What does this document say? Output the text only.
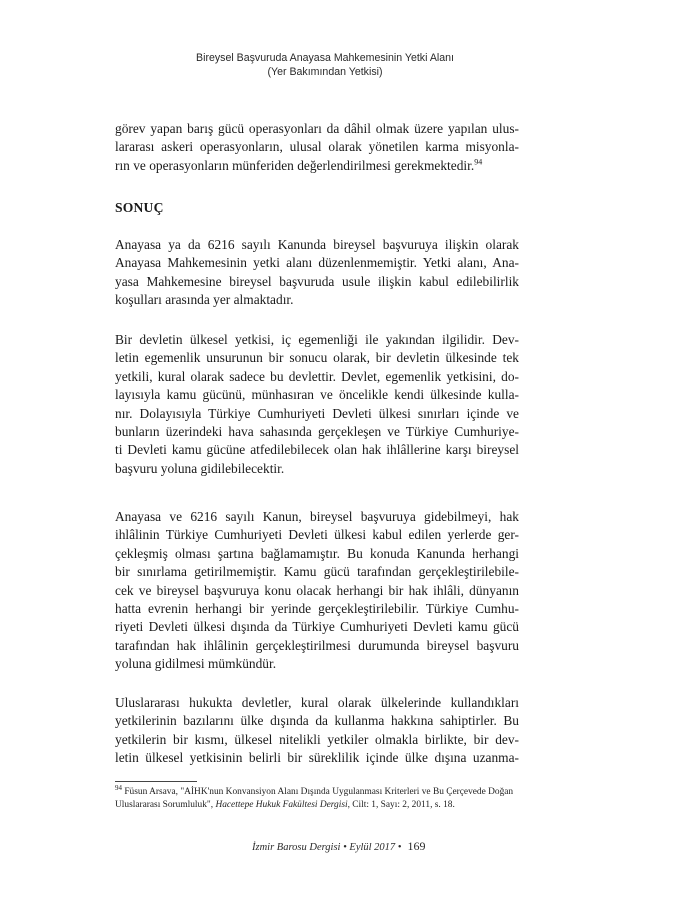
Bireysel Başvuruda Anayasa Mahkemesinin Yetki Alanı
(Yer Bakımından Yetkisi)
görev yapan barış gücü operasyonları da dâhil olmak üzere yapılan ulus-
lararası askeri operasyonların, ulusal olarak yönetilen karma misyonla-
rın ve operasyonların münferiden değerlendirilmesi gerekmektedir.$^{94}$
SONUÇ
Anayasa ya da 6216 sayılı Kanunda bireysel başvuruya ilişkin olarak
Anayasa Mahkemesinin yetki alanı düzenlenmemiştir. Yetki alanı, Ana-
yasa Mahkemesine bireysel başvuruda usule ilişkin kabul edilebilirlik
koşulları arasında yer almaktadır.
Bir devletin ülkesel yetkisi, iç egemenliği ile yakından ilgilidir. Dev-
letin egemenlik unsurunun bir sonucu olarak, bir devletin ülkesinde tek
yetkili, kural olarak sadece bu devlettir. Devlet, egemenlik yetkisini, do-
layısıyla kamu gücünü, münhasıran ve öncelikle kendi ülkesinde kulla-
nır. Dolayısıyla Türkiye Cumhuriyeti Devleti ülkesi sınırları içinde ve
bunların üzerindeki hava sahasında gerçekleşen ve Türkiye Cumhuriye-
ti Devleti kamu gücüne atfedilebilecek olan hak ihlâllerine karşı bireysel
başvuru yoluna gidilebilecektir.
Anayasa ve 6216 sayılı Kanun, bireysel başvuruya gidebilmeyi, hak
ihlâlinin Türkiye Cumhuriyeti Devleti ülkesi kabul edilen yerlerde ger-
çekleşmiş olması şartına bağlamamıştır. Bu konuda Kanunda herhangi
bir sınırlama getirilmemiştir. Kamu gücü tarafından gerçekleştirilebile-
cek ve bireysel başvuruya konu olacak herhangi bir hak ihlâli, dünyanın
hatta evrenin herhangi bir yerinde gerçekleştirilebilir. Türkiye Cumhu-
riyeti Devleti ülkesi dışında da Türkiye Cumhuriyeti Devleti kamu gücü
tarafından hak ihlâlinin gerçekleştirilmesi durumunda bireysel başvuru
yoluna gidilmesi mümkündür.
Uluslararası hukukta devletler, kural olarak ülkelerinde kullandıkları
yetkilerinin bazılarını ülke dışında da kullanma hakkına sahiptirler. Bu
yetkilerin bir kısmı, ülkesel nitelikli yetkiler olmakla birlikte, bir dev-
letin ülkesel yetkisinin belirli bir süreklilik içinde ülke dışına uzanma-
$^{94}$ Füsun Arsava, "AİHK'nun Konvansiyon Alanı Dışında Uygulanması Kriterleri ve Bu Çerçevede Doğan
Uluslararası Sorumluluk", Hacettepe Hukuk Fakültesi Dergisi, Cilt: 1, Sayı: 2, 2011, s. 18.
İzmir Barosu Dergisi • Eylül 2017 • 169
